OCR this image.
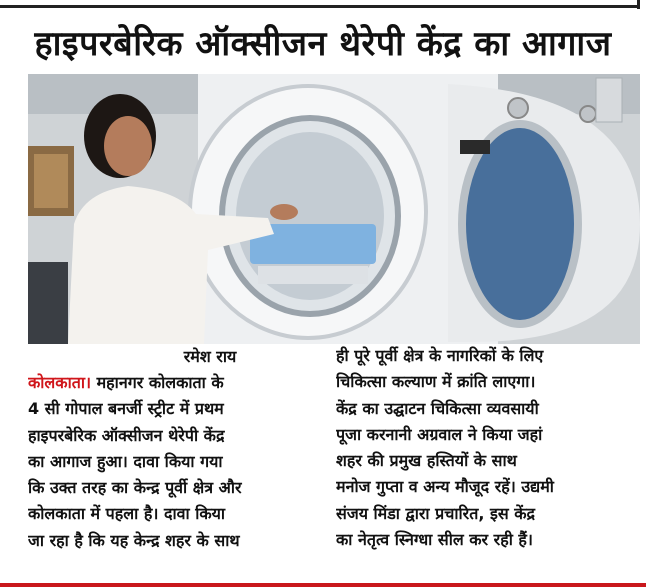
हाइपरबेरिक ऑक्सीजन थेरेपी केंद्र का आगाज
रमेश राय
कोलकाता। महानगर कोलकाता के
4 सी गोपाल बनर्जी स्ट्रीट में प्रथम
हाइपरबेरिक ऑक्सीजन थेरेपी केंद्र
का आगाज हुआ। दावा किया गया
कि उक्त तरह का केन्द्र पूर्वी क्षेत्र और
कोलकाता में पहला है। दावा किया
जा रहा है कि यह केन्द्र शहर के साथ
ही पूरे पूर्वी क्षेत्र के नागरिकों के लिए
चिकित्सा कल्याण में क्रांति लाएगा।
केंद्र का उद्घाटन चिकित्सा व्यवसायी
पूजा करनानी अग्रवाल ने किया जहां
शहर की प्रमुख हस्तियों के साथ
मनोज गुप्ता व अन्य मौजूद रहें। उद्यमी
संजय मिंडा द्वारा प्रचारित, इस केंद्र
का नेतृत्व स्निग्धा सील कर रही हैं।
